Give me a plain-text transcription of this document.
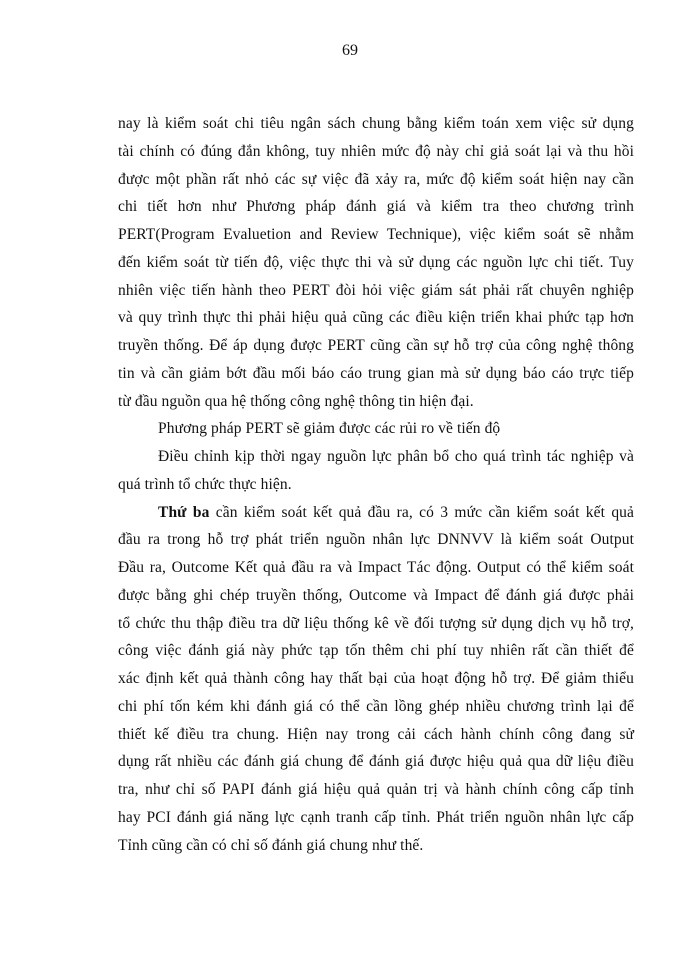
69
nay là kiểm soát chi tiêu ngân sách chung bằng kiểm toán xem việc sử dụng
tài chính có đúng đắn không, tuy nhiên mức độ này chỉ giả soát lại và thu hồi
được một phần rất nhỏ các sự việc đã xảy ra, mức độ kiểm soát hiện nay cần
chi tiết hơn như Phương pháp đánh giá và kiểm tra theo chương trình
PERT(Program Evaluetion and Review Technique), việc kiểm soát sẽ nhằm
đến kiểm soát từ tiến độ, việc thực thi và sử dụng các nguồn lực chi tiết. Tuy
nhiên việc tiến hành theo PERT đòi hỏi việc giám sát phải rất chuyên nghiệp
và quy trình thực thi phải hiệu quả cũng các điều kiện triển khai phức tạp hơn
truyền thống. Để áp dụng được PERT cũng cần sự hỗ trợ của công nghệ thông
tin và cần giảm bớt đầu mối báo cáo trung gian mà sử dụng báo cáo trực tiếp
từ đầu nguồn qua hệ thống công nghệ thông tin hiện đại.
Phương pháp PERT sẽ giảm được các rủi ro về tiến độ
Điều chỉnh kịp thời ngay nguồn lực phân bổ cho quá trình tác nghiệp và
quá trình tổ chức thực hiện.
Thứ ba cần kiểm soát kết quả đầu ra, có 3 mức cần kiểm soát kết quả
đầu ra trong hỗ trợ phát triển nguồn nhân lực DNNVV là kiểm soát Output
Đầu ra, Outcome Kết quả đầu ra và Impact Tác động. Output có thể kiểm soát
được bằng ghi chép truyền thống, Outcome và Impact để đánh giá được phải
tổ chức thu thập điều tra dữ liệu thống kê về đối tượng sử dụng dịch vụ hỗ trợ,
công việc đánh giá này phức tạp tốn thêm chi phí tuy nhiên rất cần thiết để
xác định kết quả thành công hay thất bại của hoạt động hỗ trợ. Để giảm thiểu
chi phí tốn kém khi đánh giá có thể cần lồng ghép nhiều chương trình lại để
thiết kế điều tra chung. Hiện nay trong cải cách hành chính công đang sử
dụng rất nhiều các đánh giá chung để đánh giá được hiệu quả qua dữ liệu điều
tra, như chỉ số PAPI đánh giá hiệu quả quản trị và hành chính công cấp tỉnh
hay PCI đánh giá năng lực cạnh tranh cấp tỉnh. Phát triển nguồn nhân lực cấp
Tỉnh cũng cần có chỉ số đánh giá chung như thế.
